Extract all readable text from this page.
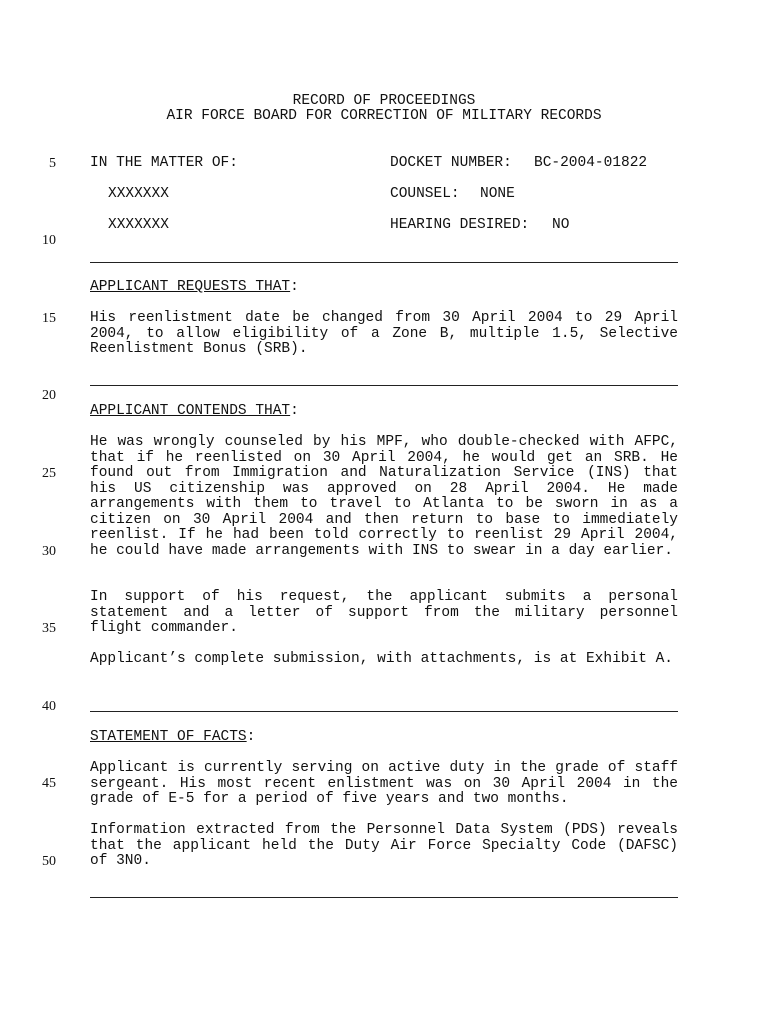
RECORD OF PROCEEDINGS
AIR FORCE BOARD FOR CORRECTION OF MILITARY RECORDS
5
10
15
20
25
30
35
40
45
50
IN THE MATTER OF:
XXXXXXX
XXXXXXX
DOCKET NUMBER: BC-2004-01822
COUNSEL: NONE
HEARING DESIRED: NO
APPLICANT REQUESTS THAT:
His reenlistment date be changed from 30 April 2004 to 29 April 2004, to allow eligibility of a Zone B, multiple 1.5, Selective Reenlistment Bonus (SRB).
APPLICANT CONTENDS THAT:
He was wrongly counseled by his MPF, who double-checked with AFPC, that if he reenlisted on 30 April 2004, he would get an SRB. He found out from Immigration and Naturalization Service (INS) that his US citizenship was approved on 28 April 2004. He made arrangements with them to travel to Atlanta to be sworn in as a citizen on 30 April 2004 and then return to base to immediately reenlist. If he had been told correctly to reenlist 29 April 2004, he could have made arrangements with INS to swear in a day earlier.
In support of his request, the applicant submits a personal statement and a letter of support from the military personnel flight commander.
Applicant’s complete submission, with attachments, is at Exhibit A.
STATEMENT OF FACTS:
Applicant is currently serving on active duty in the grade of staff sergeant. His most recent enlistment was on 30 April 2004 in the grade of E-5 for a period of five years and two months.
Information extracted from the Personnel Data System (PDS) reveals that the applicant held the Duty Air Force Specialty Code (DAFSC) of 3N0.
